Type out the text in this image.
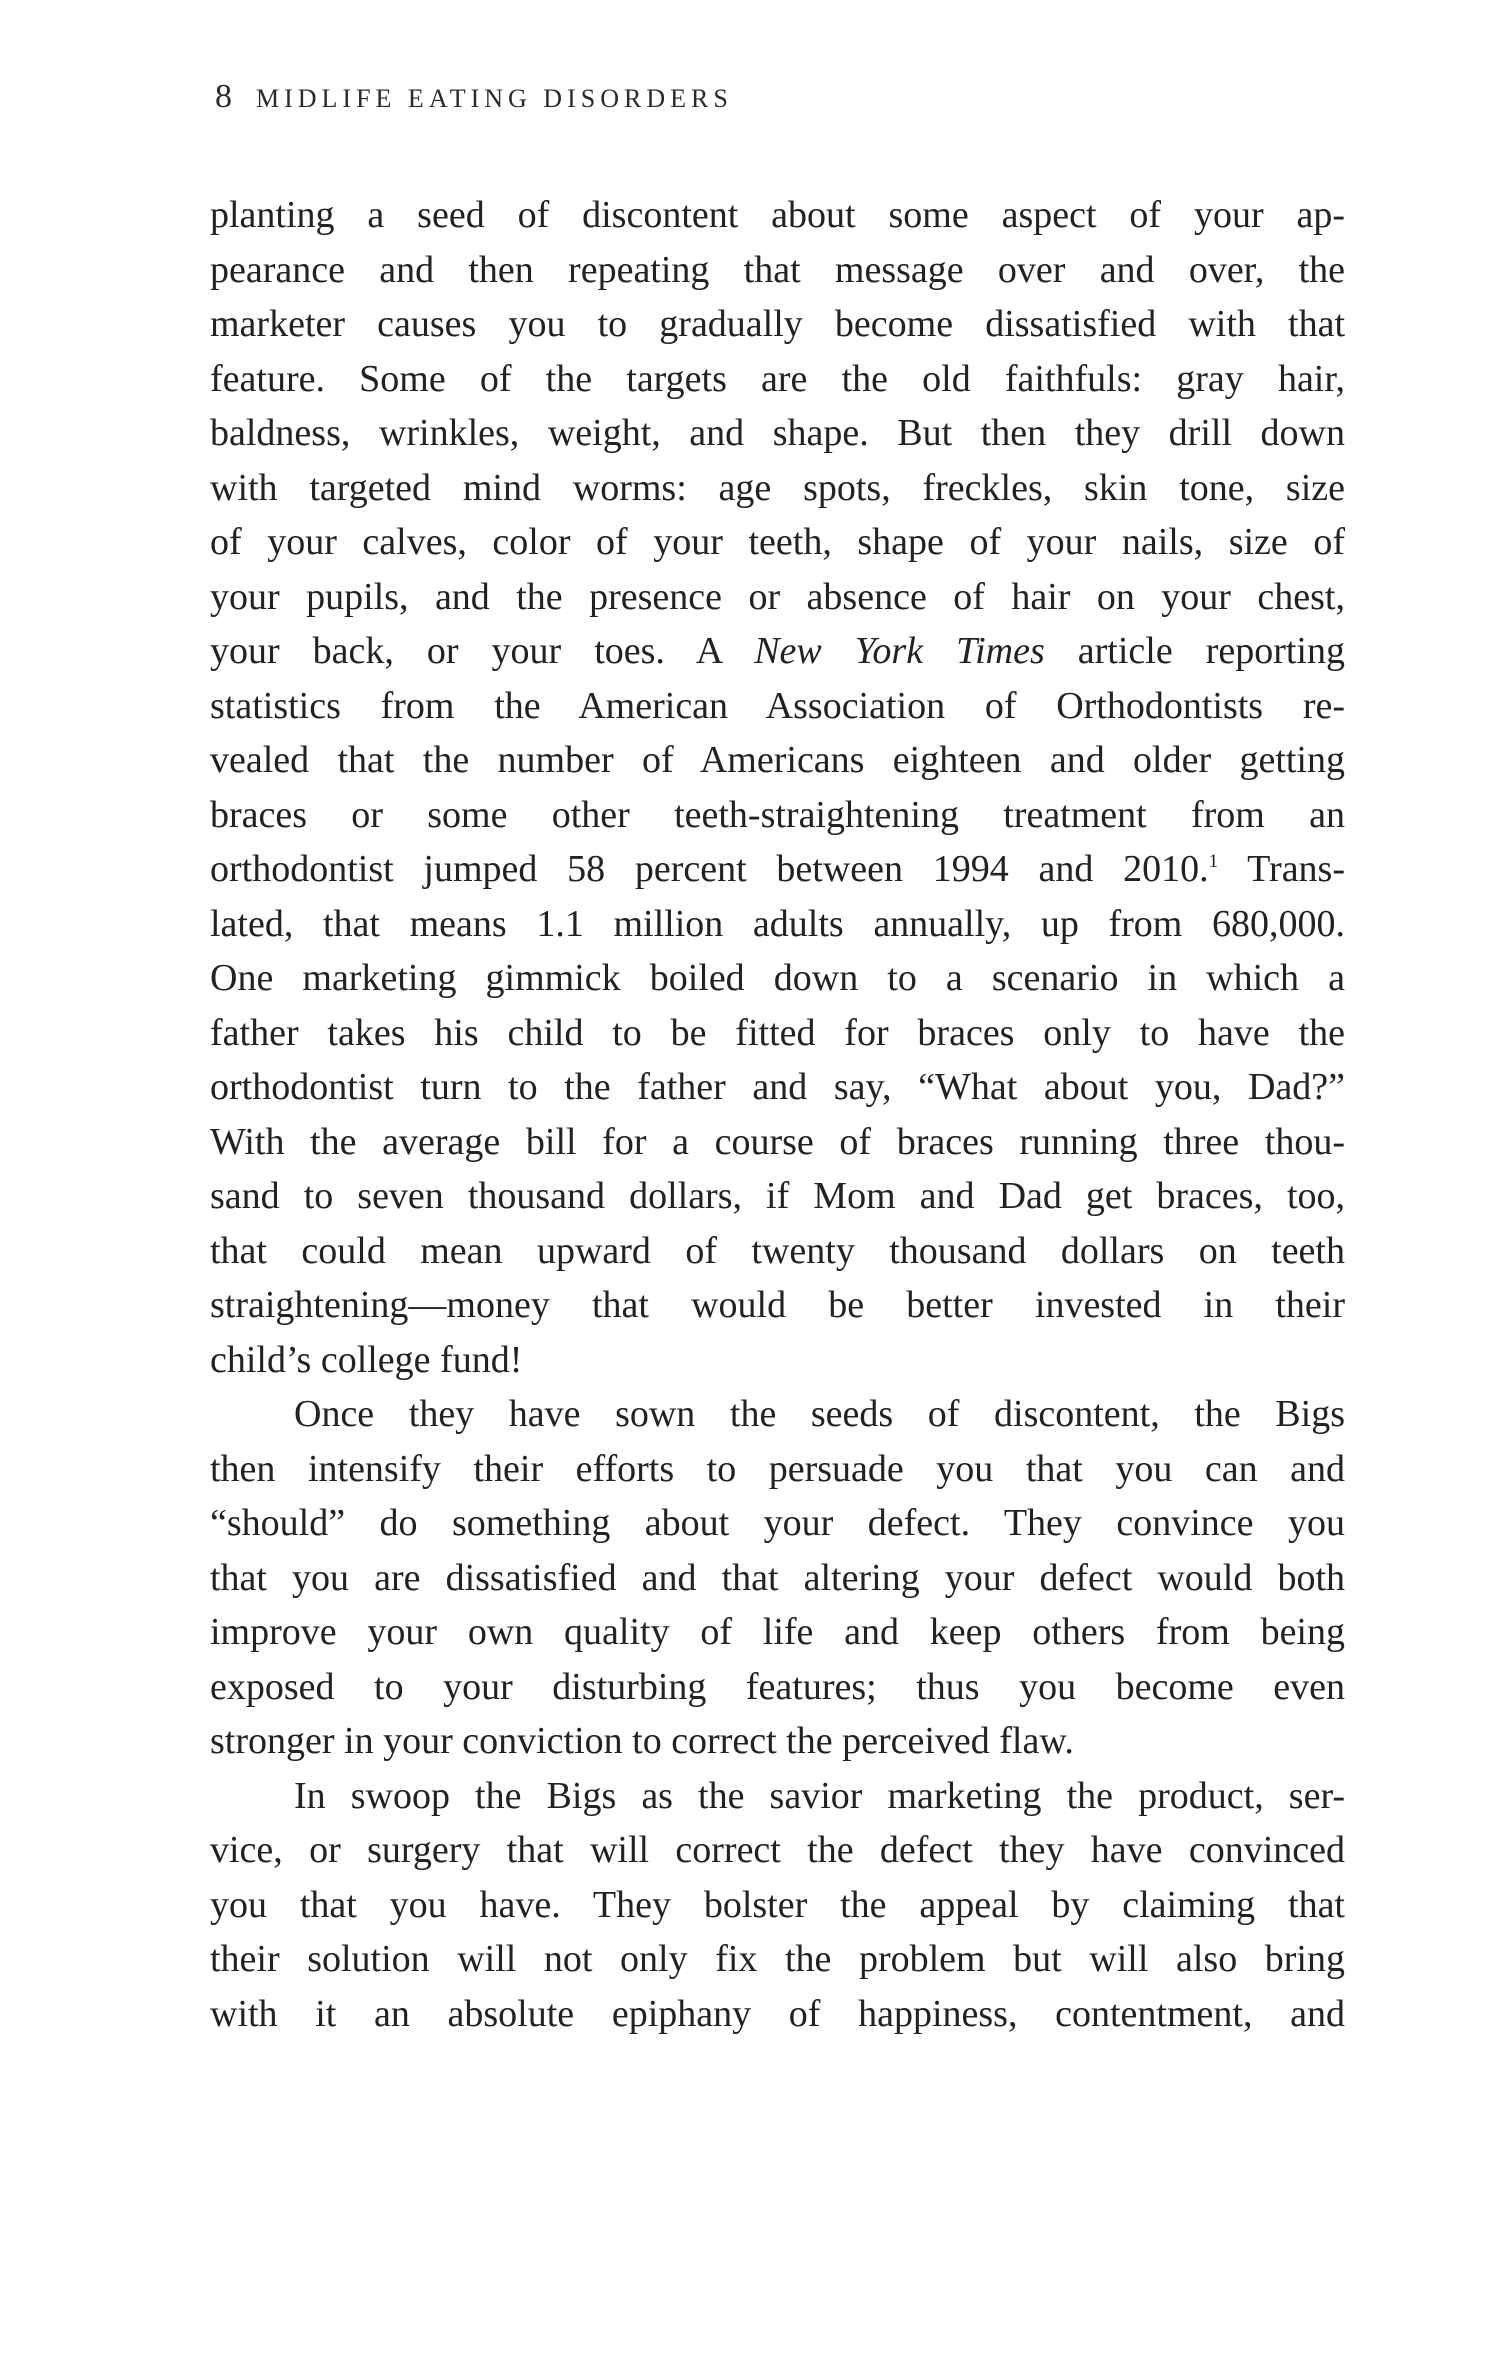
8 MIDLIFE EATING DISORDERS

planting a seed of discontent about some aspect of your ap-

pearance and then repeating that message over and over, the

marketer causes you to gradually become dissatisfied with that

feature. Some of the targets are the old faithfuls: gray hair,

baldness, wrinkles, weight, and shape. But then they drill down

with targeted mind worms: age spots, freckles, skin tone, size

of your calves, color of your teeth, shape of your nails, size of

your pupils, and the presence or absence of hair on your chest,

your back, or your toes. A New York Times article reporting

statistics from the American Association of Orthodontists re-

vealed that the number of Americans eighteen and older getting

braces or some other teeth-straightening treatment from an

orthodontist jumped 58 percent between 1994 and 2010.$^1$ Trans-

lated, that means 1.1 million adults annually, up from 680,000.

One marketing gimmick boiled down to a scenario in which a

father takes his child to be fitted for braces only to have the

orthodontist turn to the father and say, “What about you, Dad?”

With the average bill for a course of braces running three thou-

sand to seven thousand dollars, if Mom and Dad get braces, too,

that could mean upward of twenty thousand dollars on teeth

straightening—money that would be better invested in their

child’s college fund!

Once they have sown the seeds of discontent, the Bigs

then intensify their efforts to persuade you that you can and

“should” do something about your defect. They convince you

that you are dissatisfied and that altering your defect would both

improve your own quality of life and keep others from being

exposed to your disturbing features; thus you become even

stronger in your conviction to correct the perceived flaw.

In swoop the Bigs as the savior marketing the product, ser-

vice, or surgery that will correct the defect they have convinced

you that you have. They bolster the appeal by claiming that

their solution will not only fix the problem but will also bring

with it an absolute epiphany of happiness, contentment, and
